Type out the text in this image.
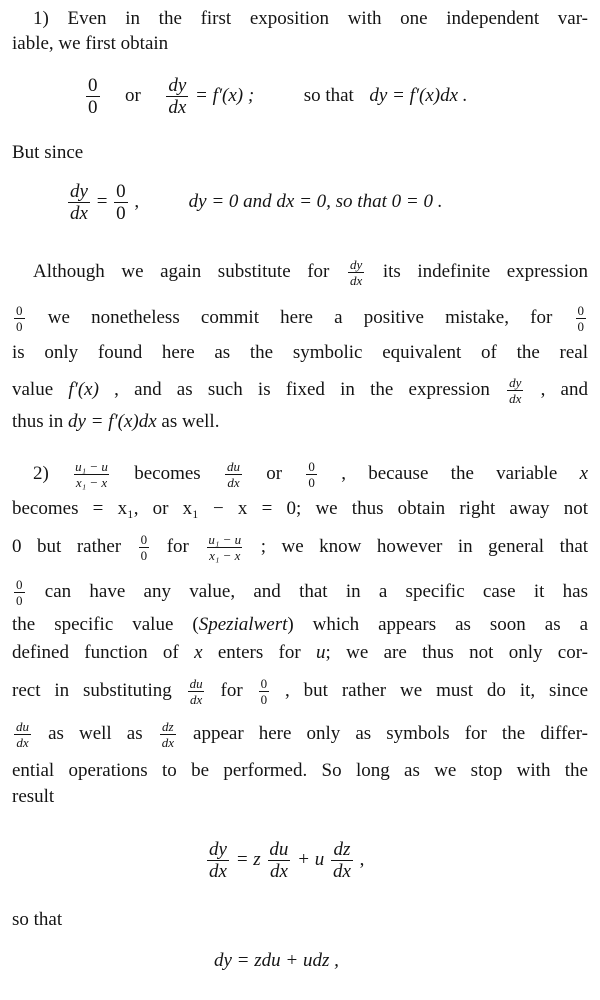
1) Even in the first exposition with one independent var-
iable, we first obtain
$\frac{0}{0}$ or $\frac{dy}{dx} = f'(x)$ ;	so that dy = f′(x)dx .
But since
$\frac{dy}{dx} = \frac{0}{0}$ ,	dy = 0 and dx = 0, so that 0 = 0 .
Although we again substitute for $\frac{dy}{dx}$ its indefinite expression
$\frac{0}{0}$ we nonetheless commit here a positive mistake, for $\frac{0}{0}$
is only found here as the symbolic equivalent of the real
value f′(x) , and as such is fixed in the expression $\frac{dy}{dx}$ , and
thus in dy = f′(x)dx as well.
$2) \frac{\text{u₁ − u}}{\text{x₁ − x}}$ becomes $\frac{du}{dx}$ or $\frac{0}{0}$ , because the variable x
becomes = x₁, or x₁ − x = 0; we thus obtain right away not
0 but rather $\frac{0}{0}$ for $\frac{\text{u₁ − u}}{\text{x₁ − x}}$ ; we know however in general that
$\frac{0}{0}$ can have any value, and that in a specific case it has
the specific value (Spezialwert) which appears as soon as a
defined function of x enters for u; we are thus not only cor-
rect in substituting $\frac{du}{dx}$ for $\frac{0}{0}$ , but rather we must do it, since
$\frac{du}{dx}$ as well as $\frac{dz}{dx}$ appear here only as symbols for the differ-
ential operations to be performed. So long as we stop with the
result
$\frac{dy}{dx} = z \frac{du}{dx} + u \frac{dz}{dx}$ ,
so that
dy = zdu + udz ,
